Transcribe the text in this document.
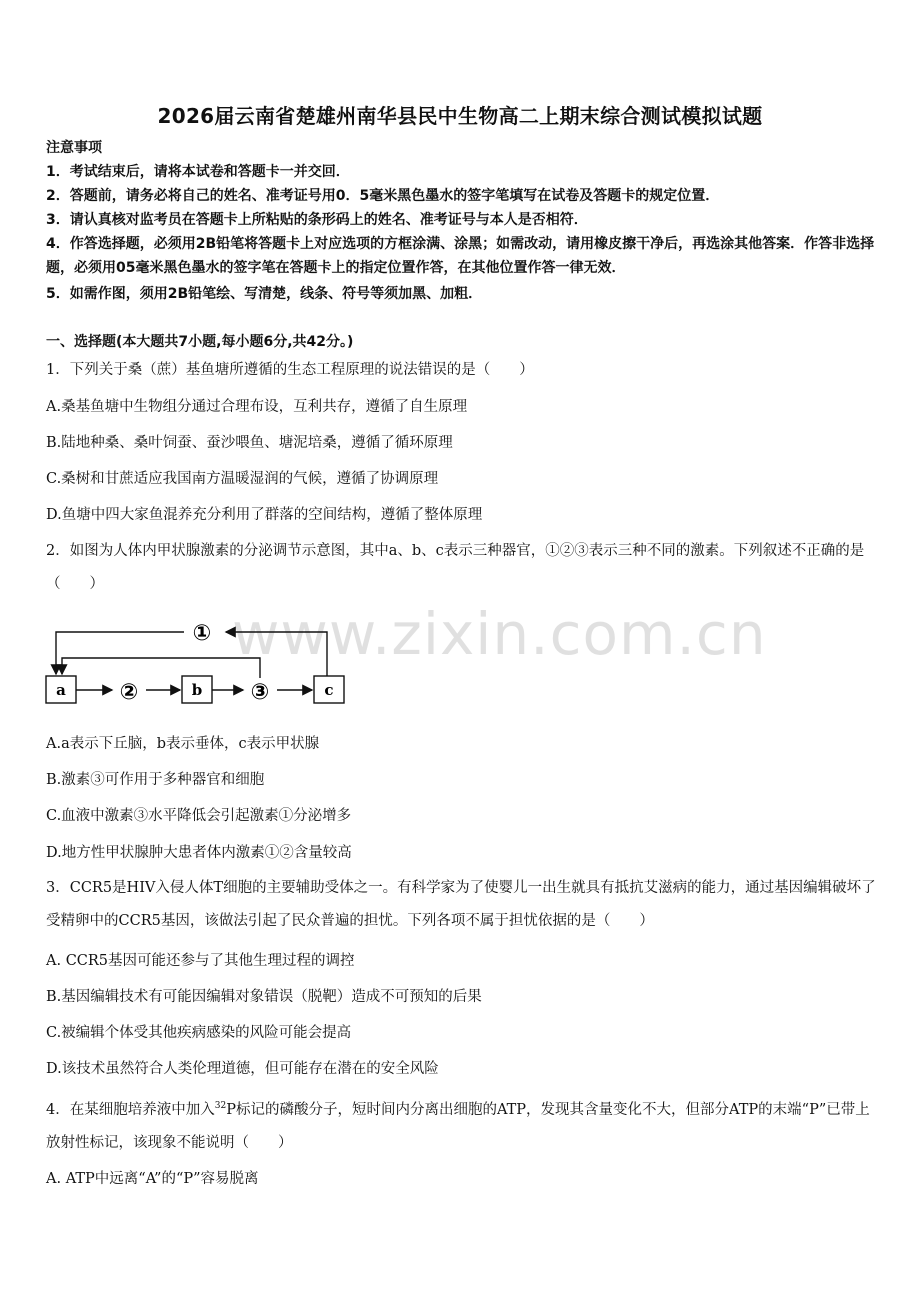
2026届云南省楚雄州南华县民中生物高二上期末综合测试模拟试题
注意事项
1．考试结束后，请将本试卷和答题卡一并交回．
2．答题前，请务必将自己的姓名、准考证号用0．5毫米黑色墨水的签字笔填写在试卷及答题卡的规定位置．
3．请认真核对监考员在答题卡上所粘贴的条形码上的姓名、准考证号与本人是否相符．
4．作答选择题，必须用2B铅笔将答题卡上对应选项的方框涂满、涂黑；如需改动，请用橡皮擦干净后，再选涂其他答案．作答非选择题，必须用05毫米黑色墨水的签字笔在答题卡上的指定位置作答，在其他位置作答一律无效．
5．如需作图，须用2B铅笔绘、写清楚，线条、符号等须加黑、加粗．
一、选择题(本大题共7小题,每小题6分,共42分。)
1．下列关于桑（蔗）基鱼塘所遵循的生态工程原理的说法错误的是（　　）
A.桑基鱼塘中生物组分通过合理布设，互利共存，遵循了自生原理
B.陆地种桑、桑叶饲蚕、蚕沙喂鱼、塘泥培桑，遵循了循环原理
C.桑树和甘蔗适应我国南方温暖湿润的气候，遵循了协调原理
D.鱼塘中四大家鱼混养充分利用了群落的空间结构，遵循了整体原理
2．如图为人体内甲状腺激素的分泌调节示意图，其中a、b、c表示三种器官，①②③表示三种不同的激素。下列叙述不正确的是（　　）
www.zixin.com.cn
a	b	c
①
②	③
A.a表示下丘脑，b表示垂体，c表示甲状腺
B.激素③可作用于多种器官和细胞
C.血液中激素③水平降低会引起激素①分泌增多
D.地方性甲状腺肿大患者体内激素①②含量较高
3．CCR5是HIV入侵人体T细胞的主要辅助受体之一。有科学家为了使婴儿一出生就具有抵抗艾滋病的能力，通过基因编辑破坏了受精卵中的CCR5基因，该做法引起了民众普遍的担忧。下列各项不属于担忧依据的是（　　）
A. CCR5基因可能还参与了其他生理过程的调控
B.基因编辑技术有可能因编辑对象错误（脱靶）造成不可预知的后果
C.被编辑个体受其他疾病感染的风险可能会提高
D.该技术虽然符合人类伦理道德，但可能存在潜在的安全风险
4．在某细胞培养液中加入$^{32}$P标记的磷酸分子，短时间内分离出细胞的ATP，发现其含量变化不大，但部分ATP的末端“P”已带上放射性标记，该现象不能说明（　　）
A. ATP中远离“A”的“P”容易脱离
